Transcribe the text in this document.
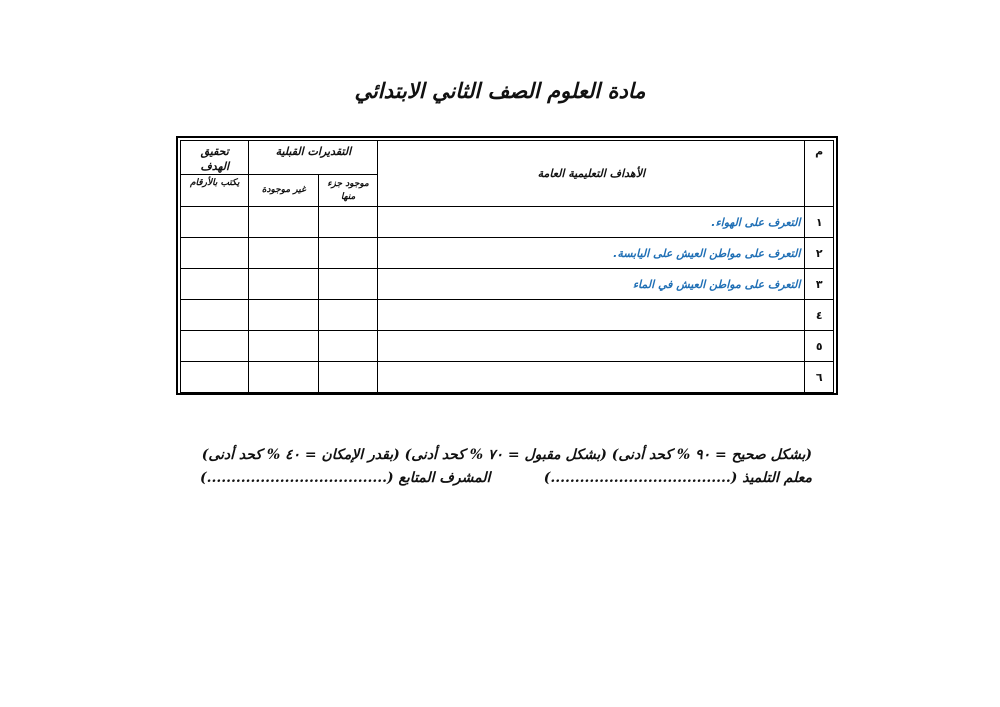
مادة العلوم الصف الثاني الابتدائي
م	الأهداف التعليمية العامة	التقديرات القبلية		تحقيق الهدف
		موجود جزء منها	غير موجودة	يكتب بالأرقام
١	التعرف على الهواء.			
٢	التعرف على مواطن العيش على اليابسة.			
٣	التعرف على مواطن العيش في الماء			
٤				
٥				
٦				
(بشكل صحيح = ٩٠ % كحد أدنى) (بشكل مقبول = ٧٠ % كحد أدنى) (بقدر الإمكان = ٤٠ % كحد أدنى)
معلم التلميذ (.....................................)
المشرف المتابع (.....................................)
